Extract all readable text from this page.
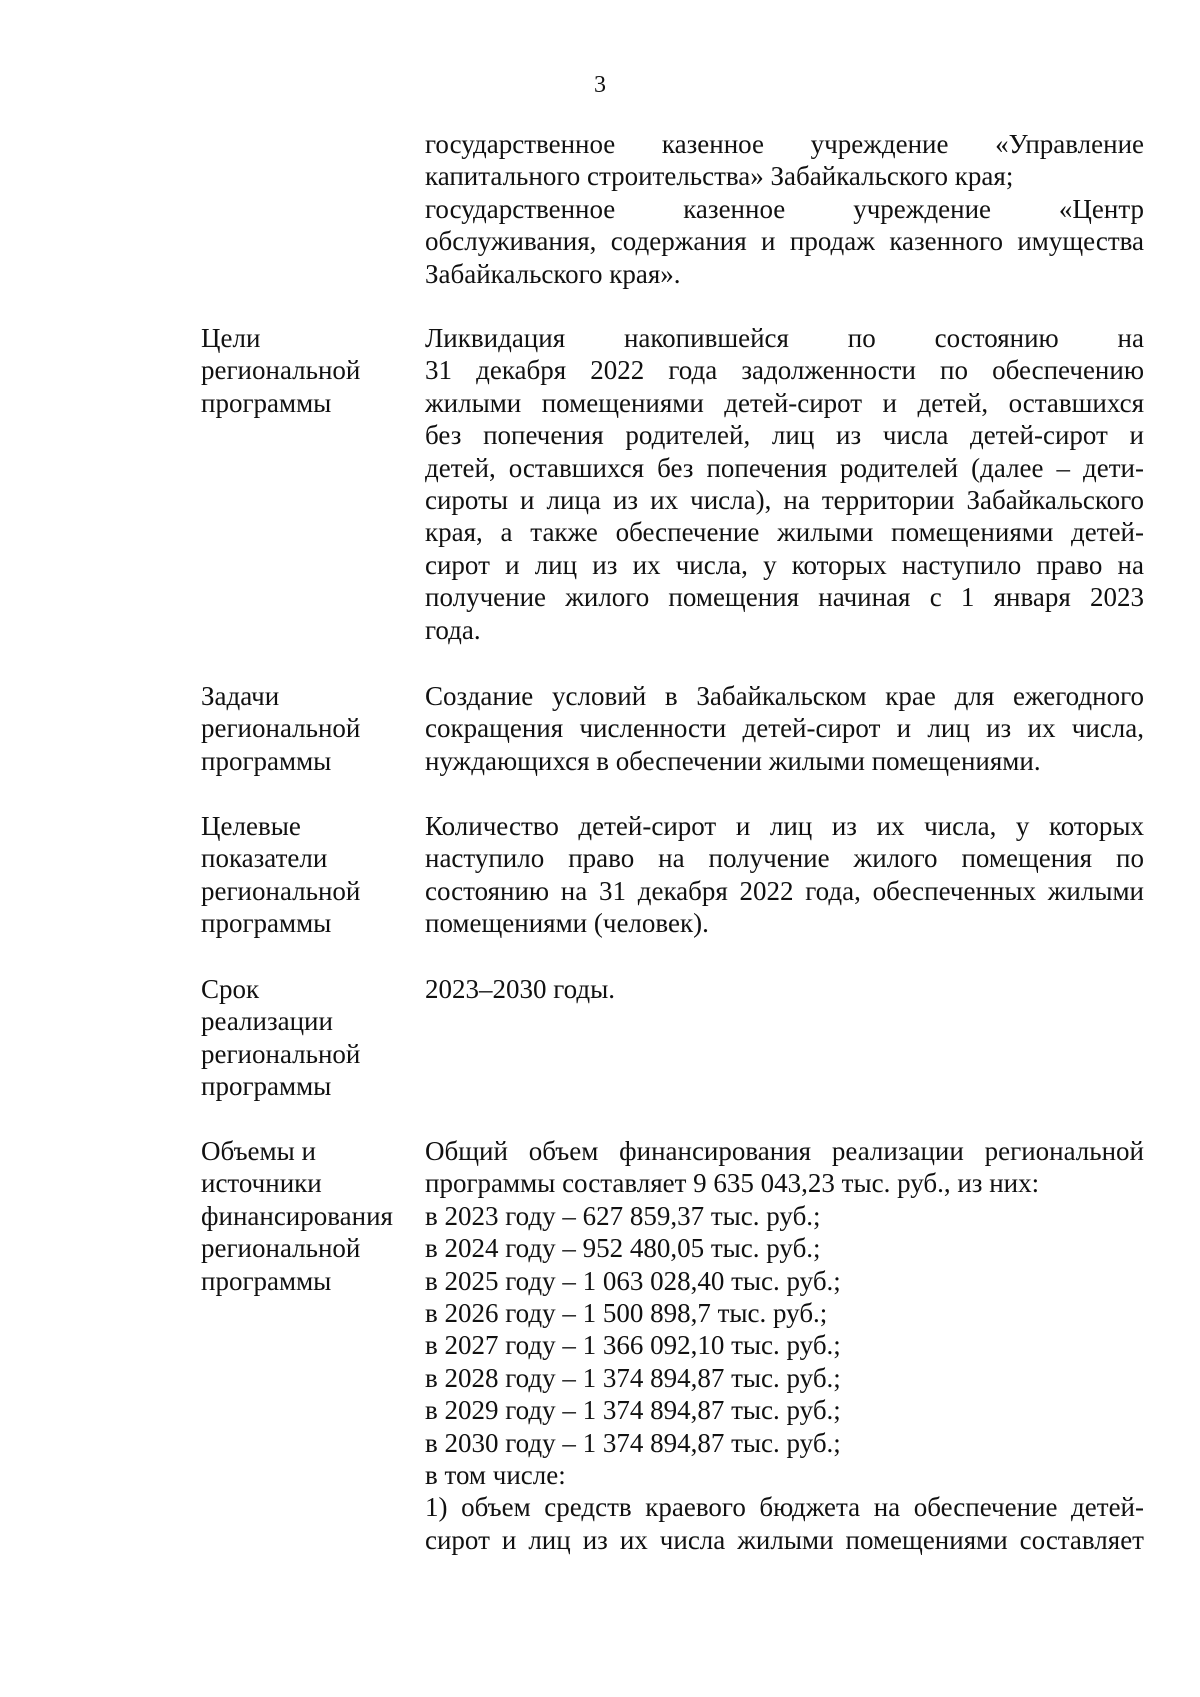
3
государственное казенное учреждение «Управление
капитального строительства» Забайкальского края;
государственное казенное учреждение «Центр
обслуживания, содержания и продаж казенного имущества
Забайкальского края».
Цели
региональной
программы
Ликвидация накопившейся по состоянию на
31 декабря 2022 года задолженности по обеспечению
жилыми помещениями детей-сирот и детей, оставшихся
без попечения родителей, лиц из числа детей-сирот и
детей, оставшихся без попечения родителей (далее – дети-
сироты и лица из их числа), на территории Забайкальского
края, а также обеспечение жилыми помещениями детей-
сирот и лиц из их числа, у которых наступило право на
получение жилого помещения начиная с 1 января 2023
года.
Задачи
региональной
программы
Создание условий в Забайкальском крае для ежегодного
сокращения численности детей-сирот и лиц из их числа,
нуждающихся в обеспечении жилыми помещениями.
Целевые
показатели
региональной
программы
Количество детей-сирот и лиц из их числа, у которых
наступило право на получение жилого помещения по
состоянию на 31 декабря 2022 года, обеспеченных жилыми
помещениями (человек).
Срок
реализации
региональной
программы
2023–2030 годы.
Объемы и
источники
финансирования
региональной
программы
Общий объем финансирования реализации региональной
программы составляет 9 635 043,23 тыс. руб., из них:
в 2023 году – 627 859,37 тыс. руб.;
в 2024 году – 952 480,05 тыс. руб.;
в 2025 году – 1 063 028,40 тыс. руб.;
в 2026 году – 1 500 898,7 тыс. руб.;
в 2027 году – 1 366 092,10 тыс. руб.;
в 2028 году – 1 374 894,87 тыс. руб.;
в 2029 году – 1 374 894,87 тыс. руб.;
в 2030 году – 1 374 894,87 тыс. руб.;
в том числе:
1) объем средств краевого бюджета на обеспечение детей-
сирот и лиц из их числа жилыми помещениями составляет
